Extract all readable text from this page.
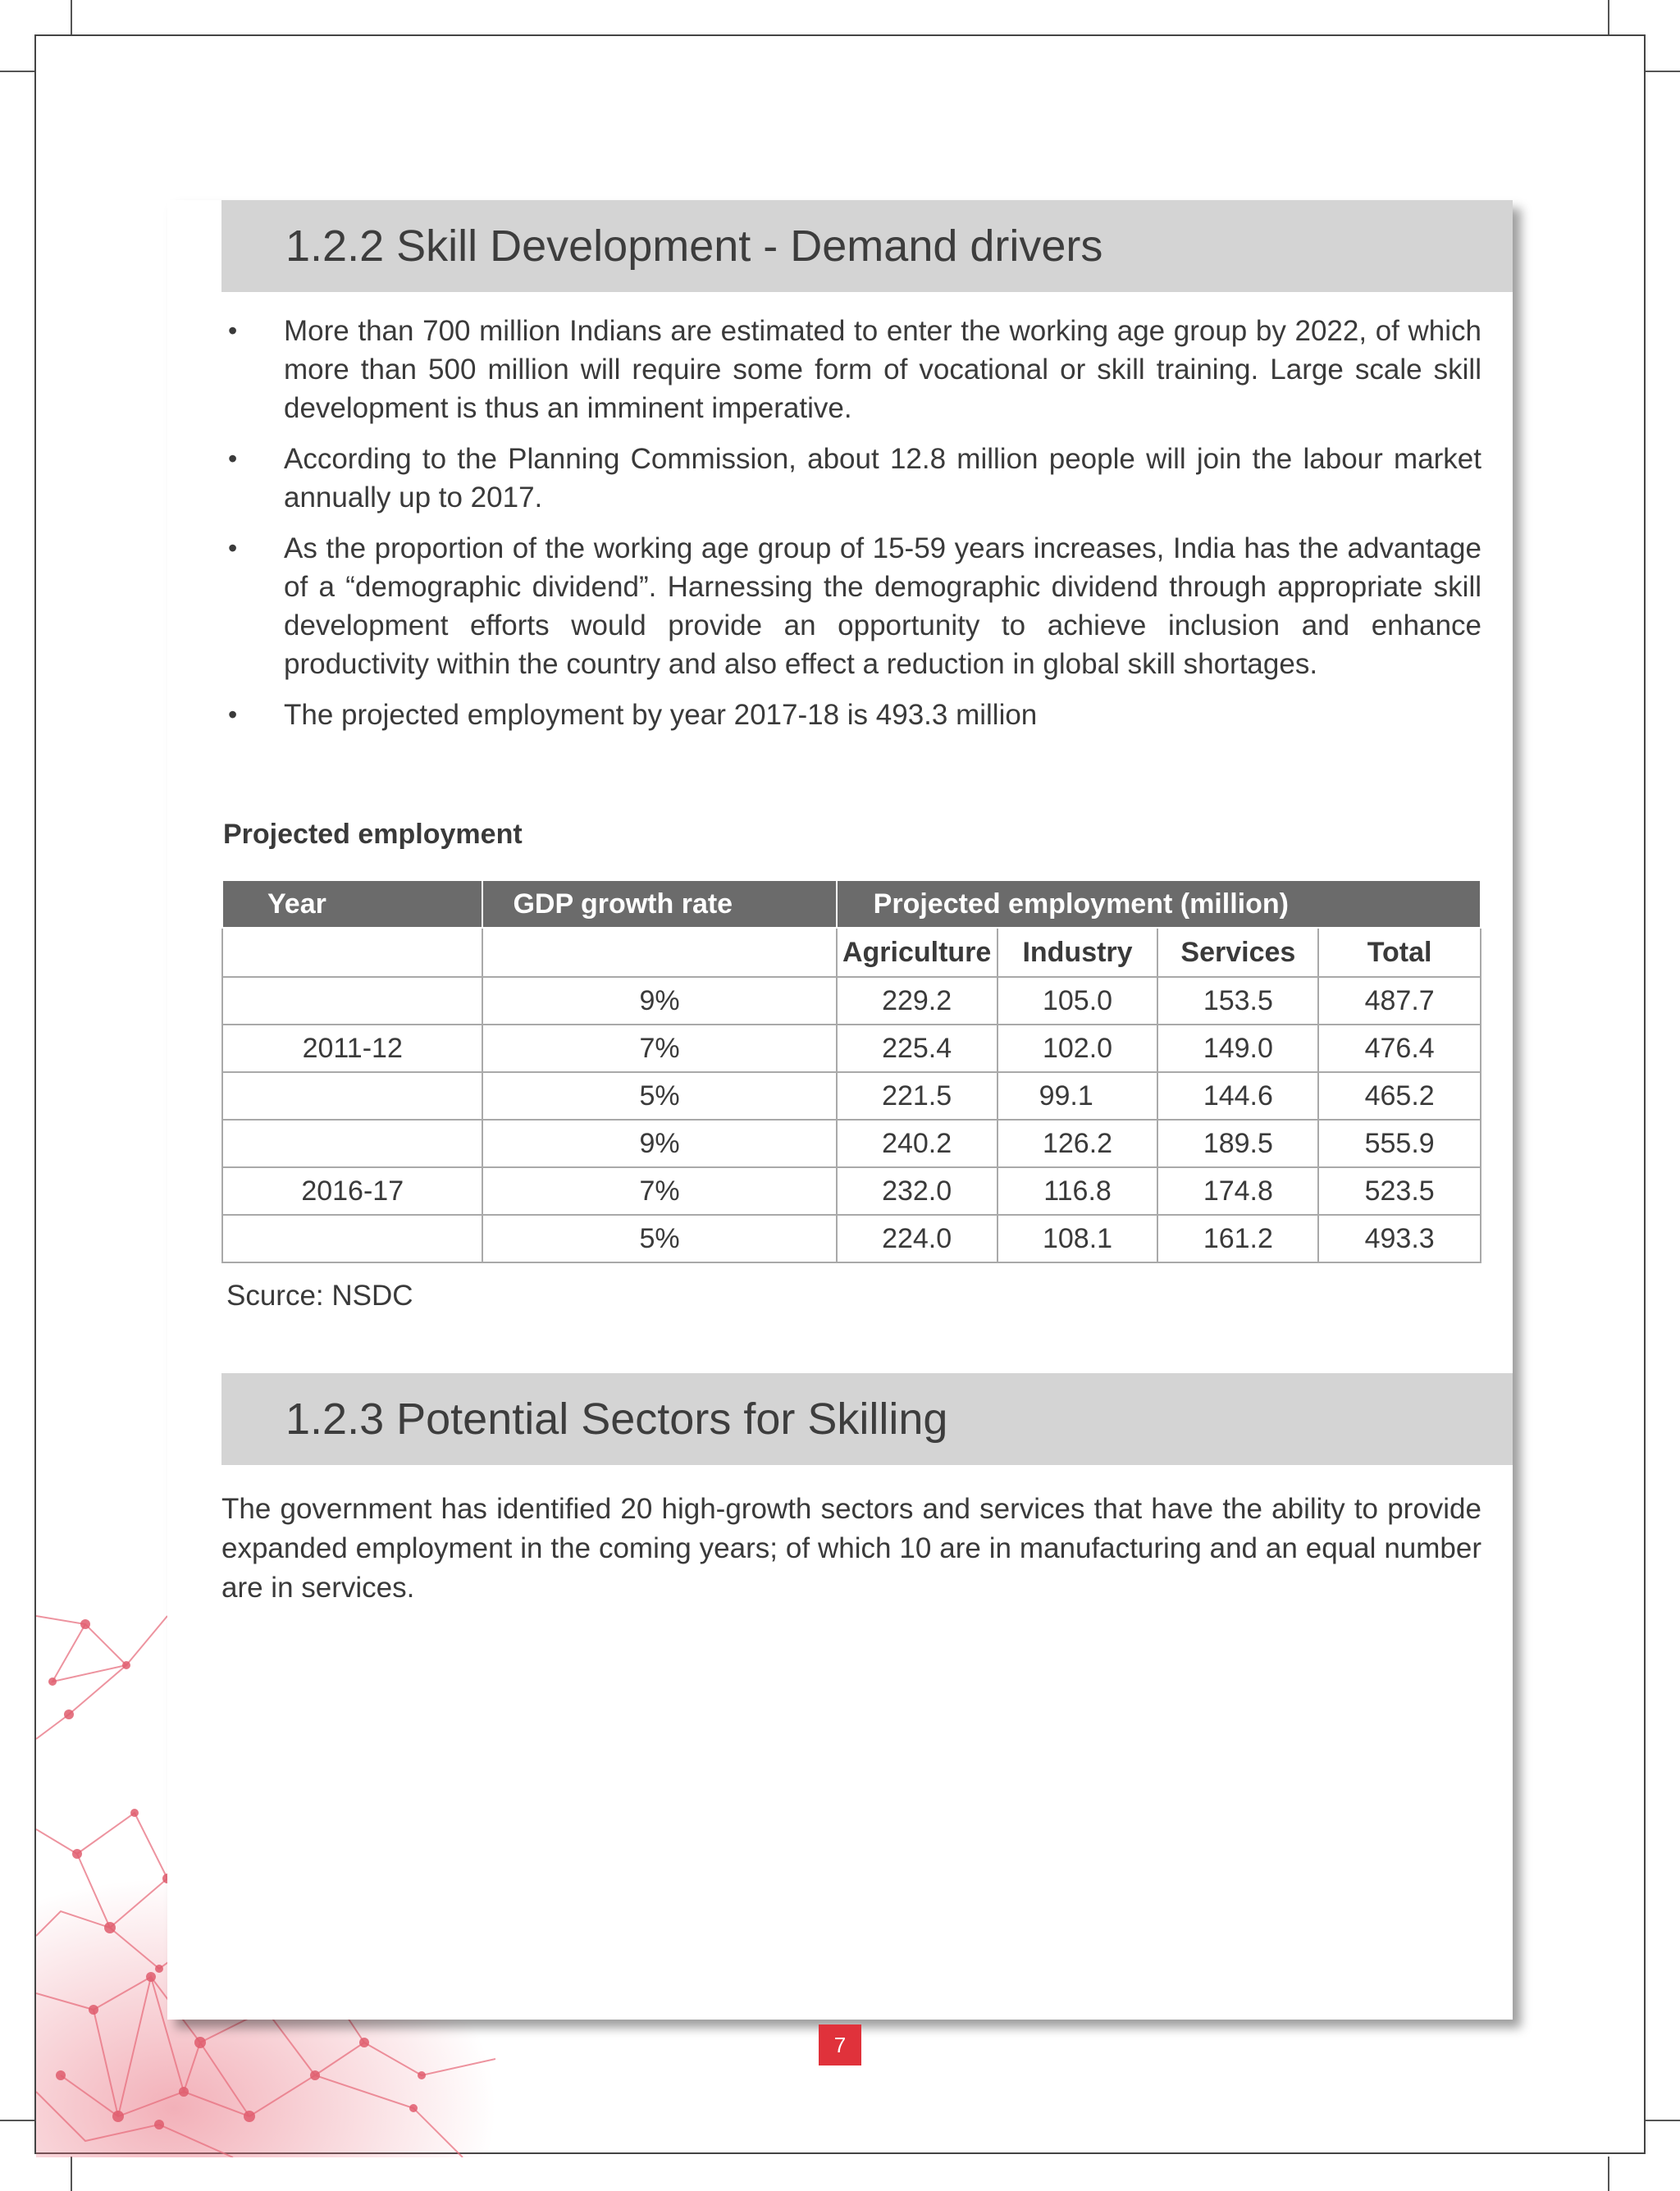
1.2.2 Skill Development - Demand drivers
• More than 700 million Indians are estimated to enter the working age group by 2022, of which more than 500 million will require some form of vocational or skill training. Large scale skill development is thus an imminent imperative.
• According to the Planning Commission, about 12.8 million people will join the labour market annually up to 2017.
• As the proportion of the working age group of 15-59 years increases, India has the advantage of a “demographic dividend”. Harnessing the demographic dividend through appropriate skill development efforts would provide an opportunity to achieve inclusion and enhance productivity within the country and also effect a reduction in global skill shortages.
• The projected employment by year 2017-18 is 493.3 million
Projected employment
Year	GDP growth rate	Projected employment (million)			
		Agriculture	Industry	Services	Total
	9%	229.2	105.0	153.5	487.7
2011-12	7%	225.4	102.0	149.0	476.4
	5%	221.5	99.1	144.6	465.2
	9%	240.2	126.2	189.5	555.9
2016-17	7%	232.0	116.8	174.8	523.5
	5%	224.0	108.1	161.2	493.3
Scurce: NSDC
1.2.3 Potential Sectors for Skilling

The government has identified 20 high-growth sectors and services that have the ability to provide expanded employment in the coming years; of which 10 are in manufacturing and an equal number are in services.

7
